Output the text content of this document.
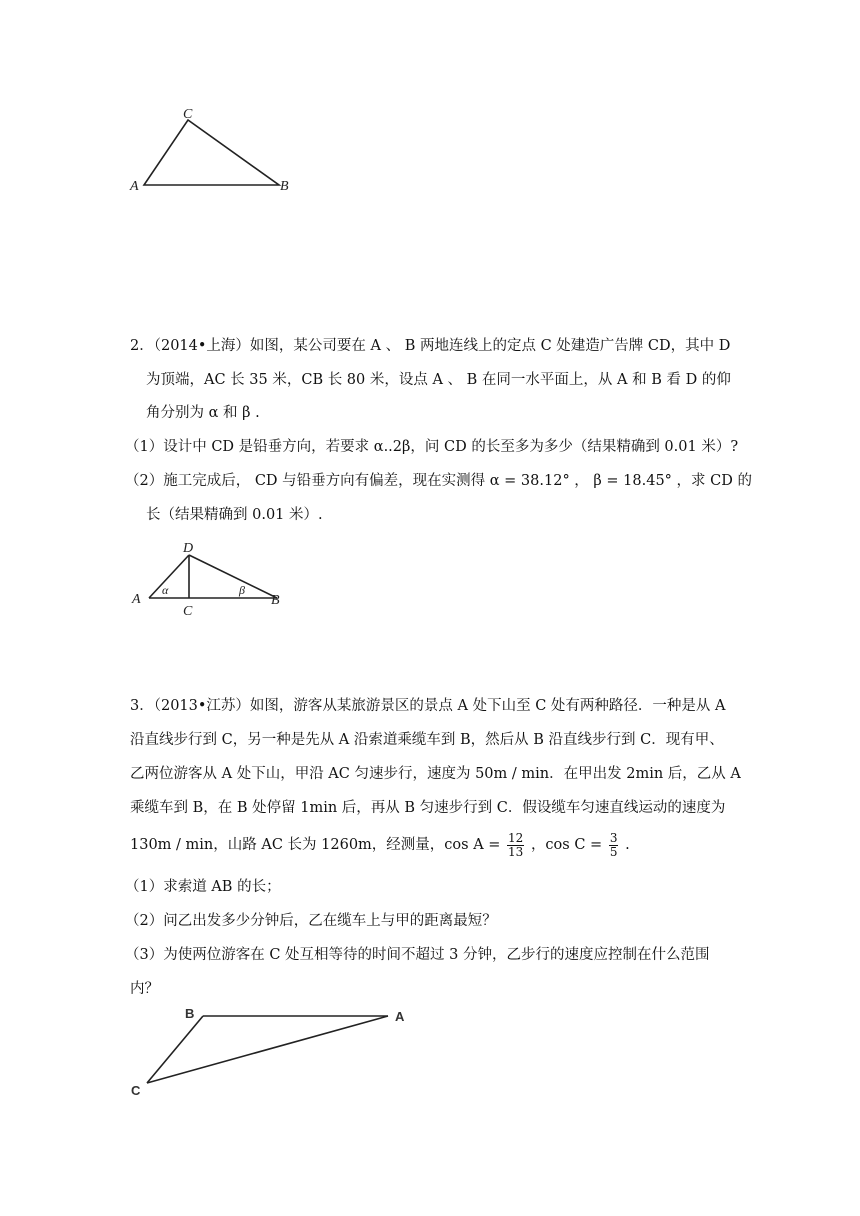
C
A	B
2．（2014•上海）如图，某公司要在 A 、 B 两地连线上的定点 C 处建造广告牌 CD，其中 D
为顶端，AC 长 35 米，CB 长 80 米，设点 A 、 B 在同一水平面上，从 A 和 B 看 D 的仰
角分别为 α 和 β .
（1）设计中 CD 是铅垂方向，若要求 α..2β，问 CD 的长至多为多少（结果精确到 0.01 米）?
（2）施工完成后， CD 与铅垂方向有偏差，现在实测得 α = 38.12° ， β = 18.45° ，求 CD 的
长（结果精确到 0.01 米）.
D
A
C
B
α	β
3．（2013•江苏）如图，游客从某旅游景区的景点 A 处下山至 C 处有两种路径．一种是从 A
沿直线步行到 C，另一种是先从 A 沿索道乘缆车到 B，然后从 B 沿直线步行到 C．现有甲、
乙两位游客从 A 处下山，甲沿 AC 匀速步行，速度为 50m / min．在甲出发 2min 后，乙从 A
乘缆车到 B，在 B 处停留 1min 后，再从 B 匀速步行到 C．假设缆车匀速直线运动的速度为
130m / min，山路 AC 长为 1260m，经测量，$\cos A = \frac{12}{13}$ ，$\cos C = \frac{3}{5}$ .
（1）求索道 AB 的长；
（2）问乙出发多少分钟后，乙在缆车上与甲的距离最短？
（3）为使两位游客在 C 处互相等待的时间不超过 3 分钟，乙步行的速度应控制在什么范围
内？
B	A
C
